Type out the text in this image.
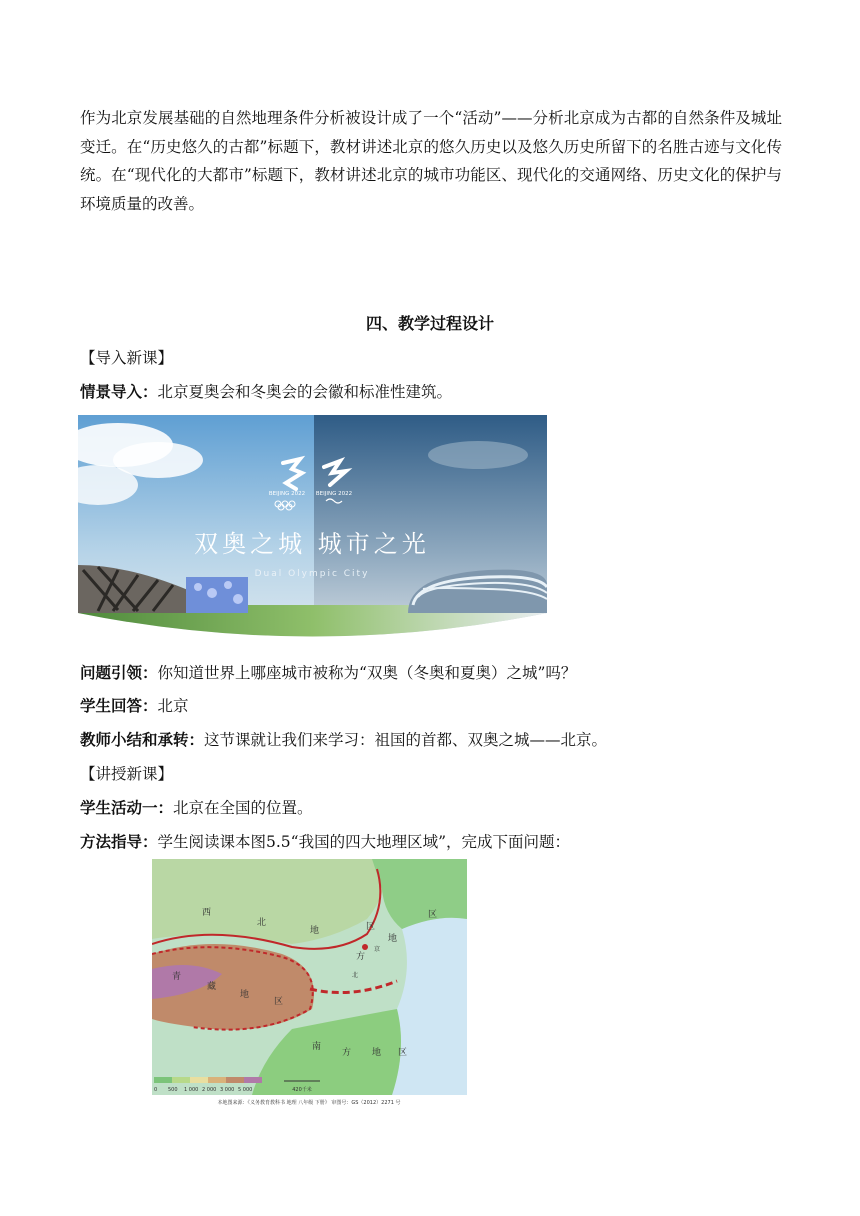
作为北京发展基础的自然地理条件分析被设计成了一个“活动”——分析北京成为古都的自然条件及城址变迁。在“历史悠久的古都”标题下，教材讲述北京的悠久历史以及悠久历史所留下的名胜古迹与文化传统。在“现代化的大都市”标题下，教材讲述北京的城市功能区、现代化的交通网络、历史文化的保护与环境质量的改善。
四、教学过程设计
【导入新课】
情景导入：北京夏奥会和冬奥会的会徽和标准性建筑。
BEIJING 2022 BEIJING 2022
双奥之城 城市之光
Dual Olympic City
问题引领：你知道世界上哪座城市被称为“双奥（冬奥和夏奥）之城”吗？
学生回答：北京
教师小结和承转：这节课就让我们来学习：祖国的首都、双奥之城——北京。
【讲授新课】
学生活动一：北京在全国的位置。
方法指导：学生阅读课本图5.5“我国的四大地理区域”，完成下面问题：
西
北
地	区
区
方
地
青
藏
地
区
南
方 地 区
北
京
0 500 1 000 2 000 3 000 5 000	420千米
本地图来源：《义务教育教科书 地理 八年级 下册》 审图号：GS（2012）2271 号
